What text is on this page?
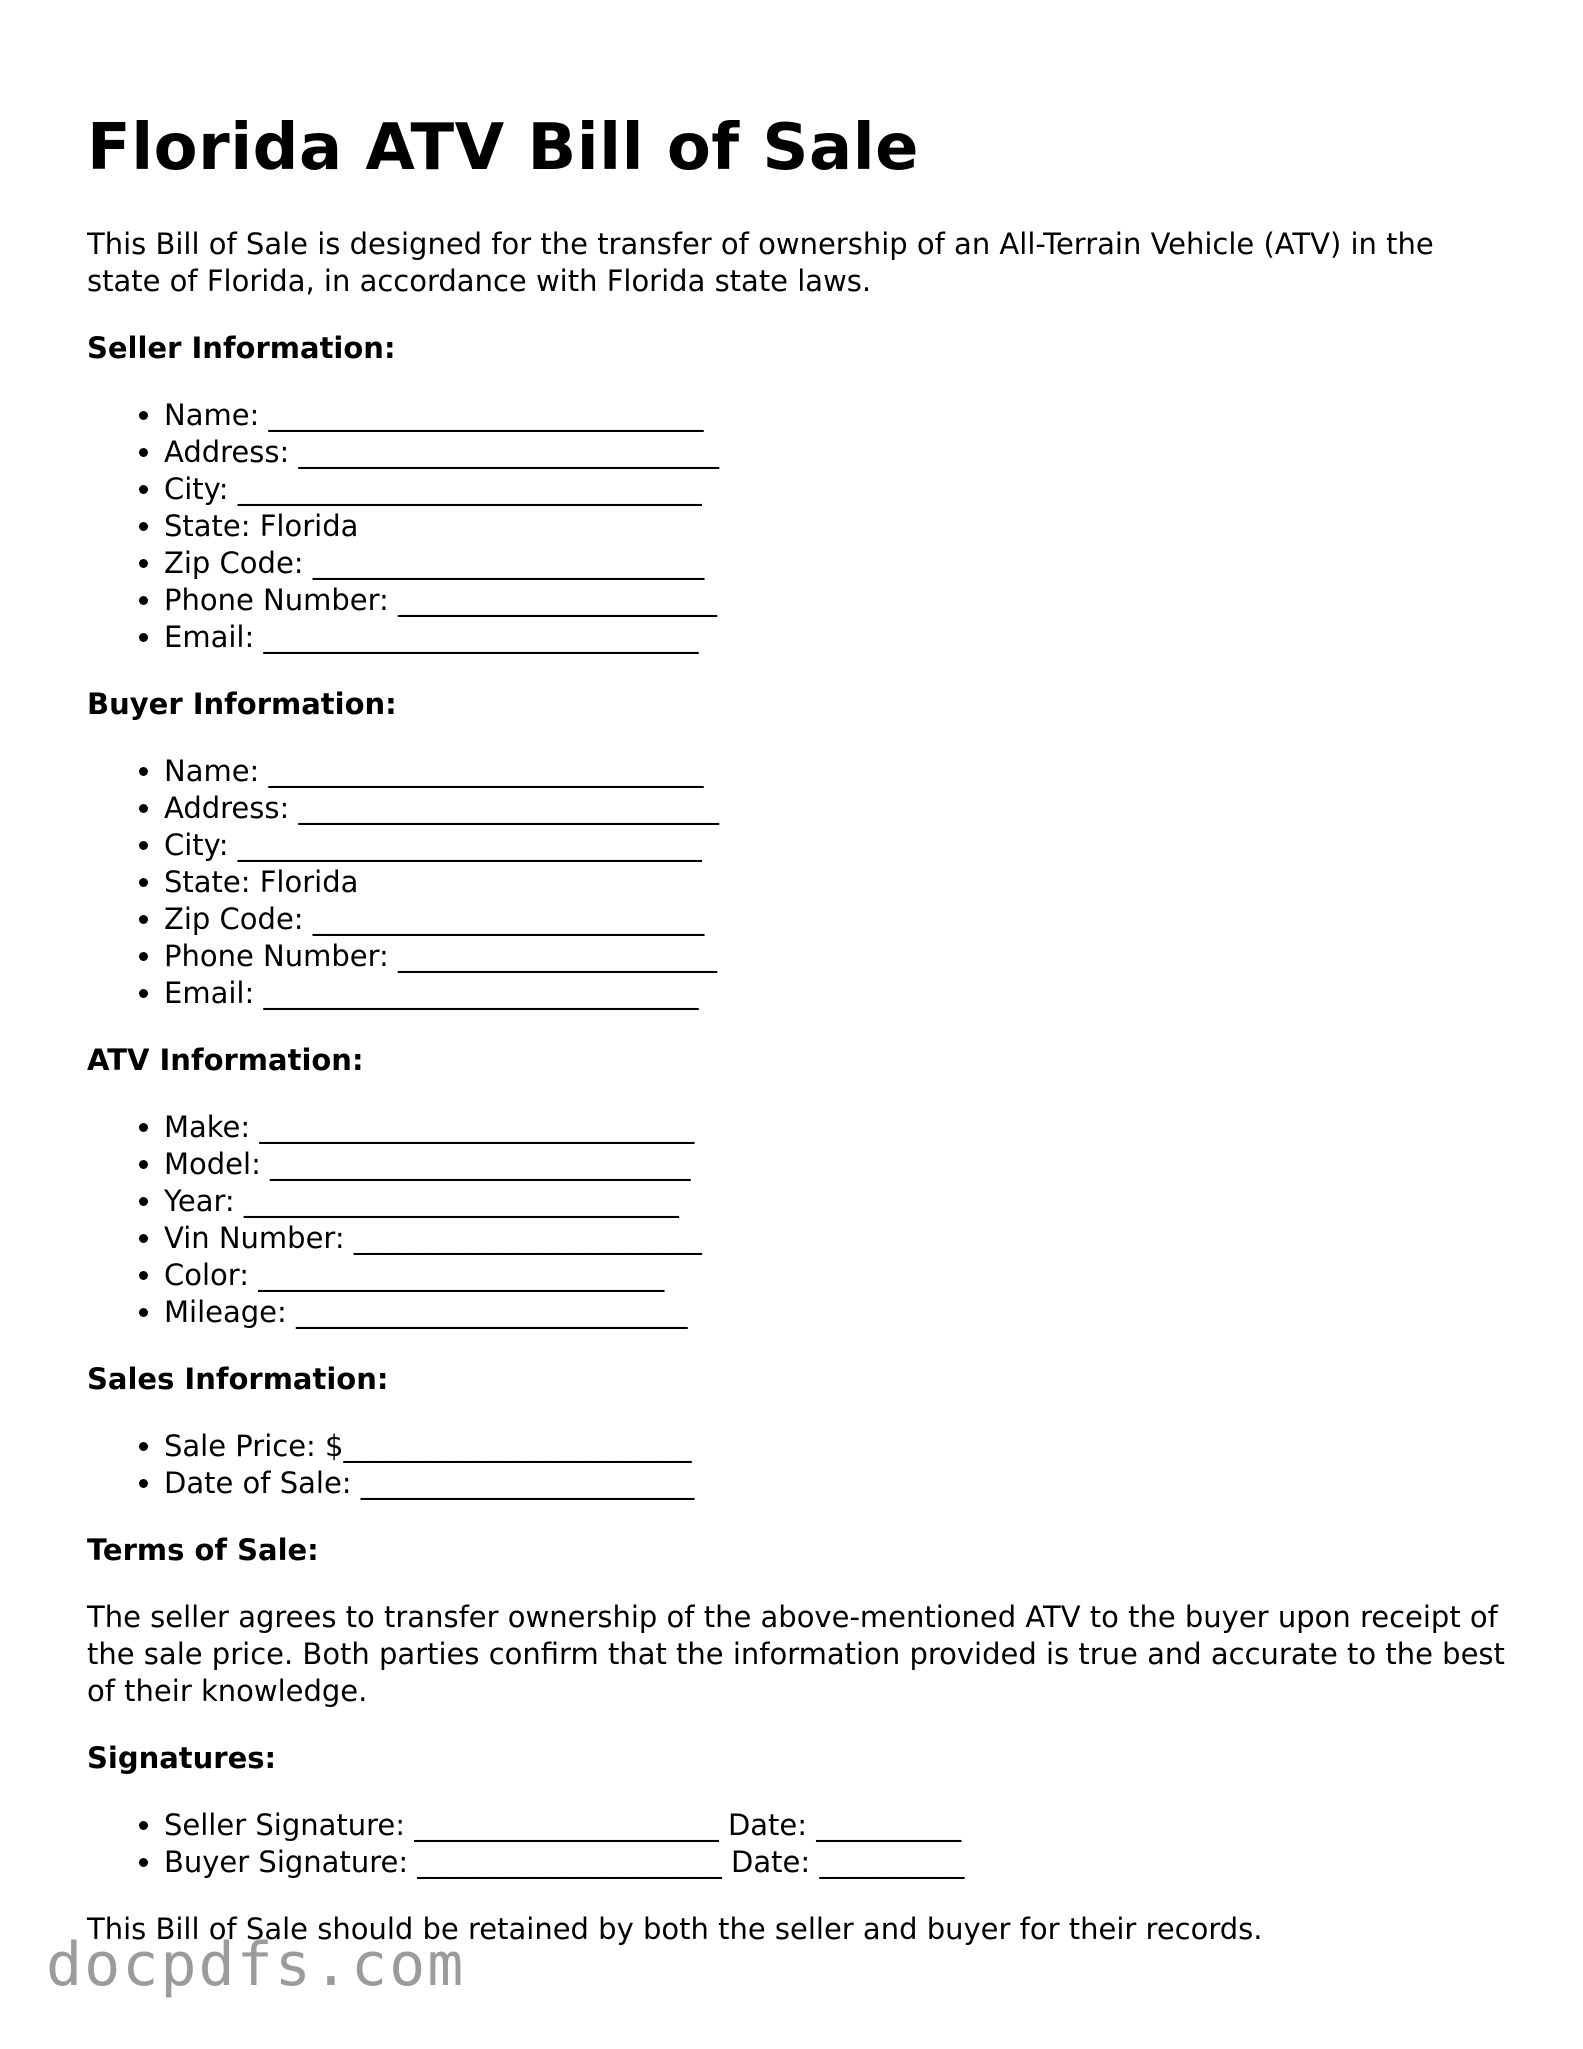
Florida ATV Bill of Sale

This Bill of Sale is designed for the transfer of ownership of an All-Terrain Vehicle (ATV) in the state of Florida, in accordance with Florida state laws.

Seller Information:
• Name: ______________________________
• Address: _____________________________
• City: ________________________________
• State: Florida
• Zip Code: ___________________________
• Phone Number: ______________________
• Email: ______________________________
Buyer Information:
• Name: ______________________________
• Address: _____________________________
• City: ________________________________
• State: Florida
• Zip Code: ___________________________
• Phone Number: ______________________
• Email: ______________________________
ATV Information:
• Make: ______________________________
• Model: _____________________________
• Year: ______________________________
• Vin Number: ________________________
• Color: ____________________________
• Mileage: ___________________________
Sales Information:
• Sale Price: $________________________
• Date of Sale: _______________________
Terms of Sale:

The seller agrees to transfer ownership of the above-mentioned ATV to the buyer upon receipt of the sale price. Both parties confirm that the information provided is true and accurate to the best of their knowledge.

Signatures:
• Seller Signature: _____________________ Date: __________
• Buyer Signature: _____________________ Date: __________

This Bill of Sale should be retained by both the seller and buyer for their records.

docpdfs.com
